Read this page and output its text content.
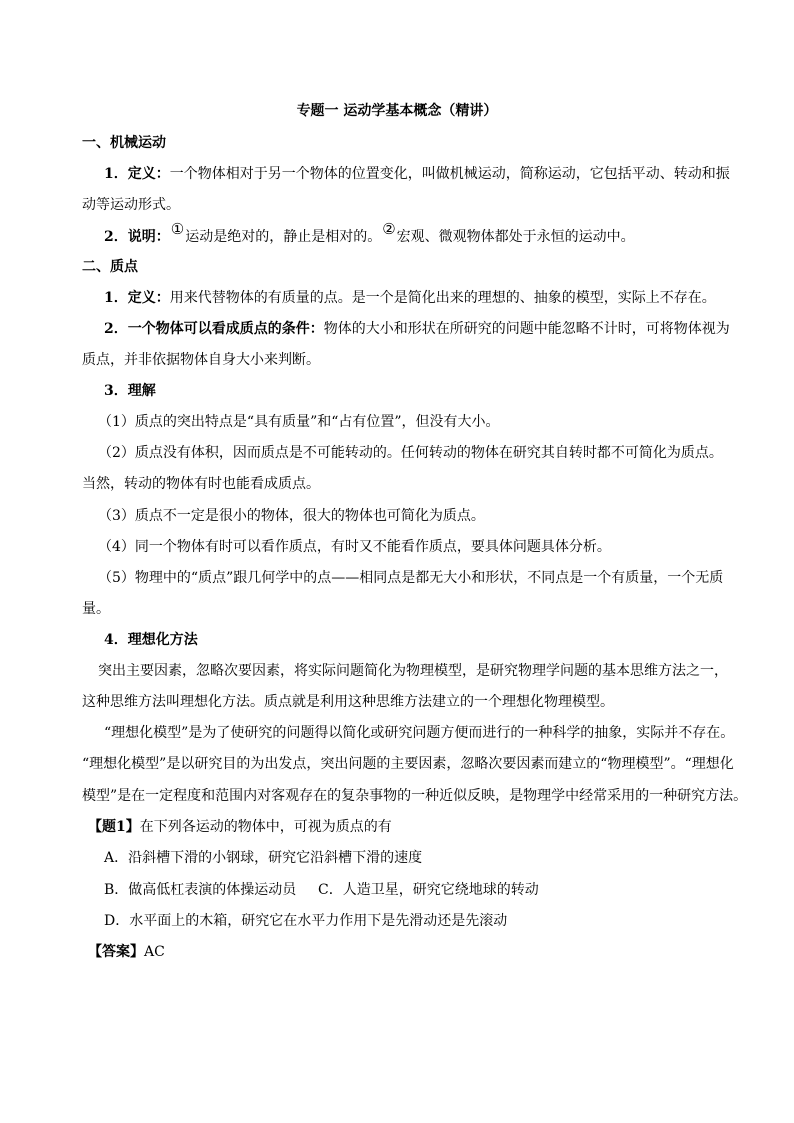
专题一 运动学基本概念（精讲）
一、机械运动
1．定义：一个物体相对于另一个物体的位置变化，叫做机械运动，简称运动，它包括平动、转动和振
动等运动形式。
2．说明：①运动是绝对的，静止是相对的。②宏观、微观物体都处于永恒的运动中。
二、质点
1．定义：用来代替物体的有质量的点。是一个是简化出来的理想的、抽象的模型，实际上不存在。
2．一个物体可以看成质点的条件：物体的大小和形状在所研究的问题中能忽略不计时，可将物体视为
质点，并非依据物体自身大小来判断。
3．理解
（1）质点的突出特点是“具有质量”和“占有位置”，但没有大小。
（2）质点没有体积，因而质点是不可能转动的。任何转动的物体在研究其自转时都不可简化为质点。
当然，转动的物体有时也能看成质点。
（3）质点不一定是很小的物体，很大的物体也可简化为质点。
（4）同一个物体有时可以看作质点，有时又不能看作质点，要具体问题具体分析。
（5）物理中的“质点”跟几何学中的点——相同点是都无大小和形状，不同点是一个有质量，一个无质
量。
4．理想化方法
突出主要因素，忽略次要因素，将实际问题简化为物理模型，是研究物理学问题的基本思维方法之一，
这种思维方法叫理想化方法。质点就是利用这种思维方法建立的一个理想化物理模型。
“理想化模型”是为了使研究的问题得以简化或研究问题方便而进行的一种科学的抽象，实际并不存在。
“理想化模型”是以研究目的为出发点，突出问题的主要因素，忽略次要因素而建立的“物理模型”。“理想化
模型”是在一定程度和范围内对客观存在的复杂事物的一种近似反映，是物理学中经常采用的一种研究方法。
【题1】在下列各运动的物体中，可视为质点的有
A．沿斜槽下滑的小钢球，研究它沿斜槽下滑的速度
B．做高低杠表演的体操运动员 C．人造卫星，研究它绕地球的转动
D．水平面上的木箱，研究它在水平力作用下是先滑动还是先滚动
【答案】AC
